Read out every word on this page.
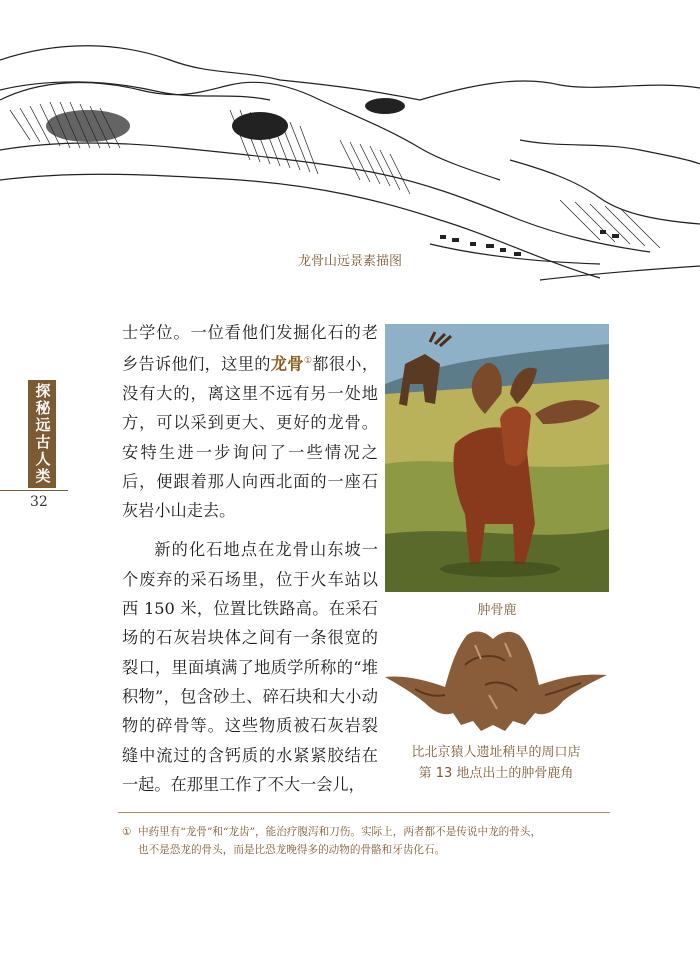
龙骨山远景素描图
探秘远古人类
32

士学位。一位看他们发掘化石的老乡告诉他们，这里的龙骨①都很小，没有大的，离这里不远有另一处地方，可以采到更大、更好的龙骨。安特生进一步询问了一些情况之后，便跟着那人向西北面的一座石灰岩小山走去。

新的化石地点在龙骨山东坡一个废弃的采石场里，位于火车站以西 150 米，位置比铁路高。在采石场的石灰岩块体之间有一条很宽的裂口，里面填满了地质学所称的“堆积物”，包含砂土、碎石块和大小动物的碎骨等。这些物质被石灰岩裂缝中流过的含钙质的水紧紧胶结在一起。在那里工作了不大一会儿，

肿骨鹿
比北京猿人遗址稍早的周口店
第 13 地点出土的肿骨鹿角
① 中药里有“龙骨”和“龙齿”，能治疗腹泻和刀伤。实际上，两者都不是传说中龙的骨头，
也不是恐龙的骨头，而是比恐龙晚得多的动物的骨骼和牙齿化石。
